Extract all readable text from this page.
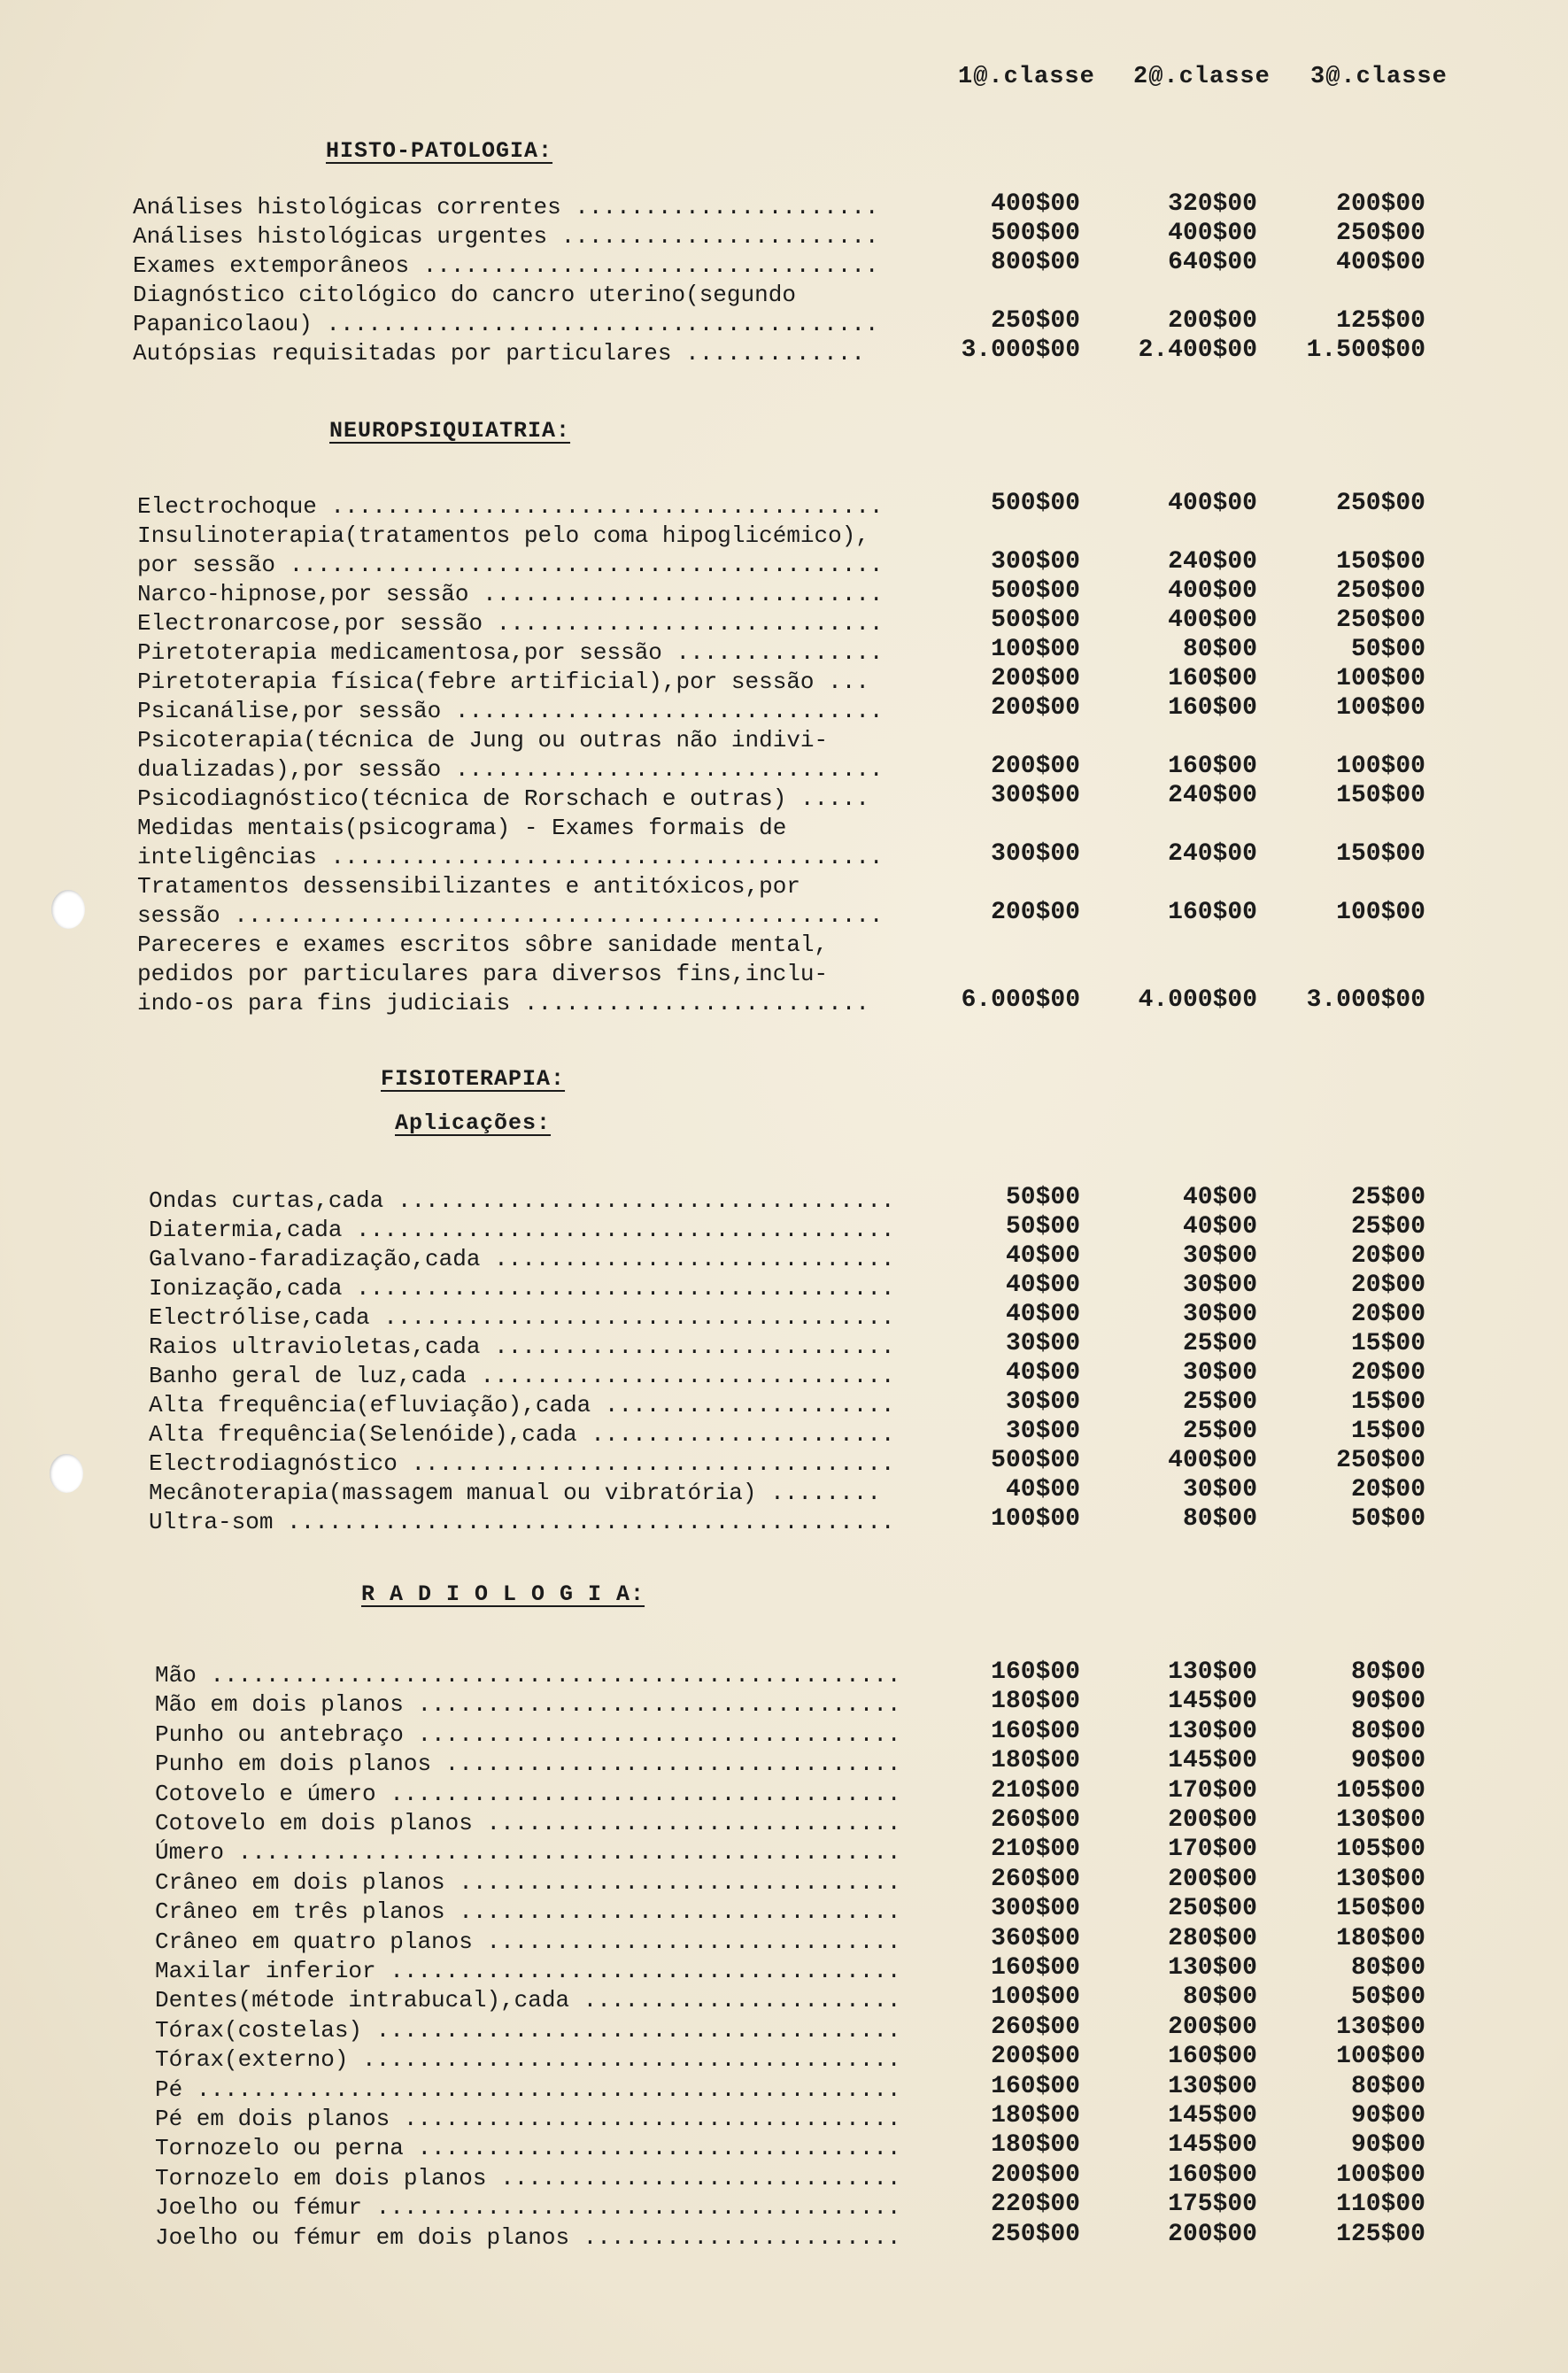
1@.classe 2@.classe 3@.classe
HISTO-PATOLOGIA:
NEUROPSIQUIATRIA:
FISIOTERAPIA:
Aplicações:
R A D I O L O G I A:
Análises histológicas correntes ......................	400$00	320$00	200$00
Análises histológicas urgentes .......................	500$00	400$00	250$00
Exames extemporâneos .................................	800$00	640$00	400$00
Diagnóstico citológico do cancro uterino(segundo
Papanicolaou) ........................................	250$00	200$00	125$00
Autópsias requisitadas por particulares .............	3.000$00	2.400$00	1.500$00
Electrochoque ........................................	500$00	400$00	250$00
Insulinoterapia(tratamentos pelo coma hipoglicémico),
por sessão ...........................................	300$00	240$00	150$00
Narco-hipnose,por sessão .............................	500$00	400$00	250$00
Electronarcose,por sessão ............................	500$00	400$00	250$00
Piretoterapia medicamentosa,por sessão ...............	100$00	80$00	50$00
Piretoterapia física(febre artificial),por sessão ...	200$00	160$00	100$00
Psicanálise,por sessão ...............................	200$00	160$00	100$00
Psicoterapia(técnica de Jung ou outras não indivi-
dualizadas),por sessão ...............................	200$00	160$00	100$00
Psicodiagnóstico(técnica de Rorschach e outras) .....	300$00	240$00	150$00
Medidas mentais(psicograma) - Exames formais de
inteligências ........................................	300$00	240$00	150$00
Tratamentos dessensibilizantes e antitóxicos,por
sessão ...............................................	200$00	160$00	100$00
Pareceres e exames escritos sôbre sanidade mental,
pedidos por particulares para diversos fins,inclu-
indo-os para fins judiciais .........................	6.000$00	4.000$00	3.000$00
Ondas curtas,cada ....................................	50$00	40$00	25$00
Diatermia,cada .......................................	50$00	40$00	25$00
Galvano-faradização,cada .............................	40$00	30$00	20$00
Ionização,cada .......................................	40$00	30$00	20$00
Electrólise,cada .....................................	40$00	30$00	20$00
Raios ultravioletas,cada .............................	30$00	25$00	15$00
Banho geral de luz,cada ..............................	40$00	30$00	20$00
Alta frequência(efluviação),cada .....................	30$00	25$00	15$00
Alta frequência(Selenóide),cada ......................	30$00	25$00	15$00
Electrodiagnóstico ...................................	500$00	400$00	250$00
Mecânoterapia(massagem manual ou vibratória) ........	40$00	30$00	20$00
Ultra-som ............................................	100$00	80$00	50$00
Mão ..................................................	160$00	130$00	80$00
Mão em dois planos ...................................	180$00	145$00	90$00
Punho ou antebraço ...................................	160$00	130$00	80$00
Punho em dois planos .................................	180$00	145$00	90$00
Cotovelo e úmero .....................................	210$00	170$00	105$00
Cotovelo em dois planos ..............................	260$00	200$00	130$00
Úmero ................................................	210$00	170$00	105$00
Crâneo em dois planos ................................	260$00	200$00	130$00
Crâneo em três planos ................................	300$00	250$00	150$00
Crâneo em quatro planos ..............................	360$00	280$00	180$00
Maxilar inferior .....................................	160$00	130$00	80$00
Dentes(métode intrabucal),cada .......................	100$00	80$00	50$00
Tórax(costelas) ......................................	260$00	200$00	130$00
Tórax(externo) .......................................	200$00	160$00	100$00
Pé ...................................................	160$00	130$00	80$00
Pé em dois planos ....................................	180$00	145$00	90$00
Tornozelo ou perna ...................................	180$00	145$00	90$00
Tornozelo em dois planos .............................	200$00	160$00	100$00
Joelho ou fémur ......................................	220$00	175$00	110$00
Joelho ou fémur em dois planos .......................	250$00	200$00	125$00
